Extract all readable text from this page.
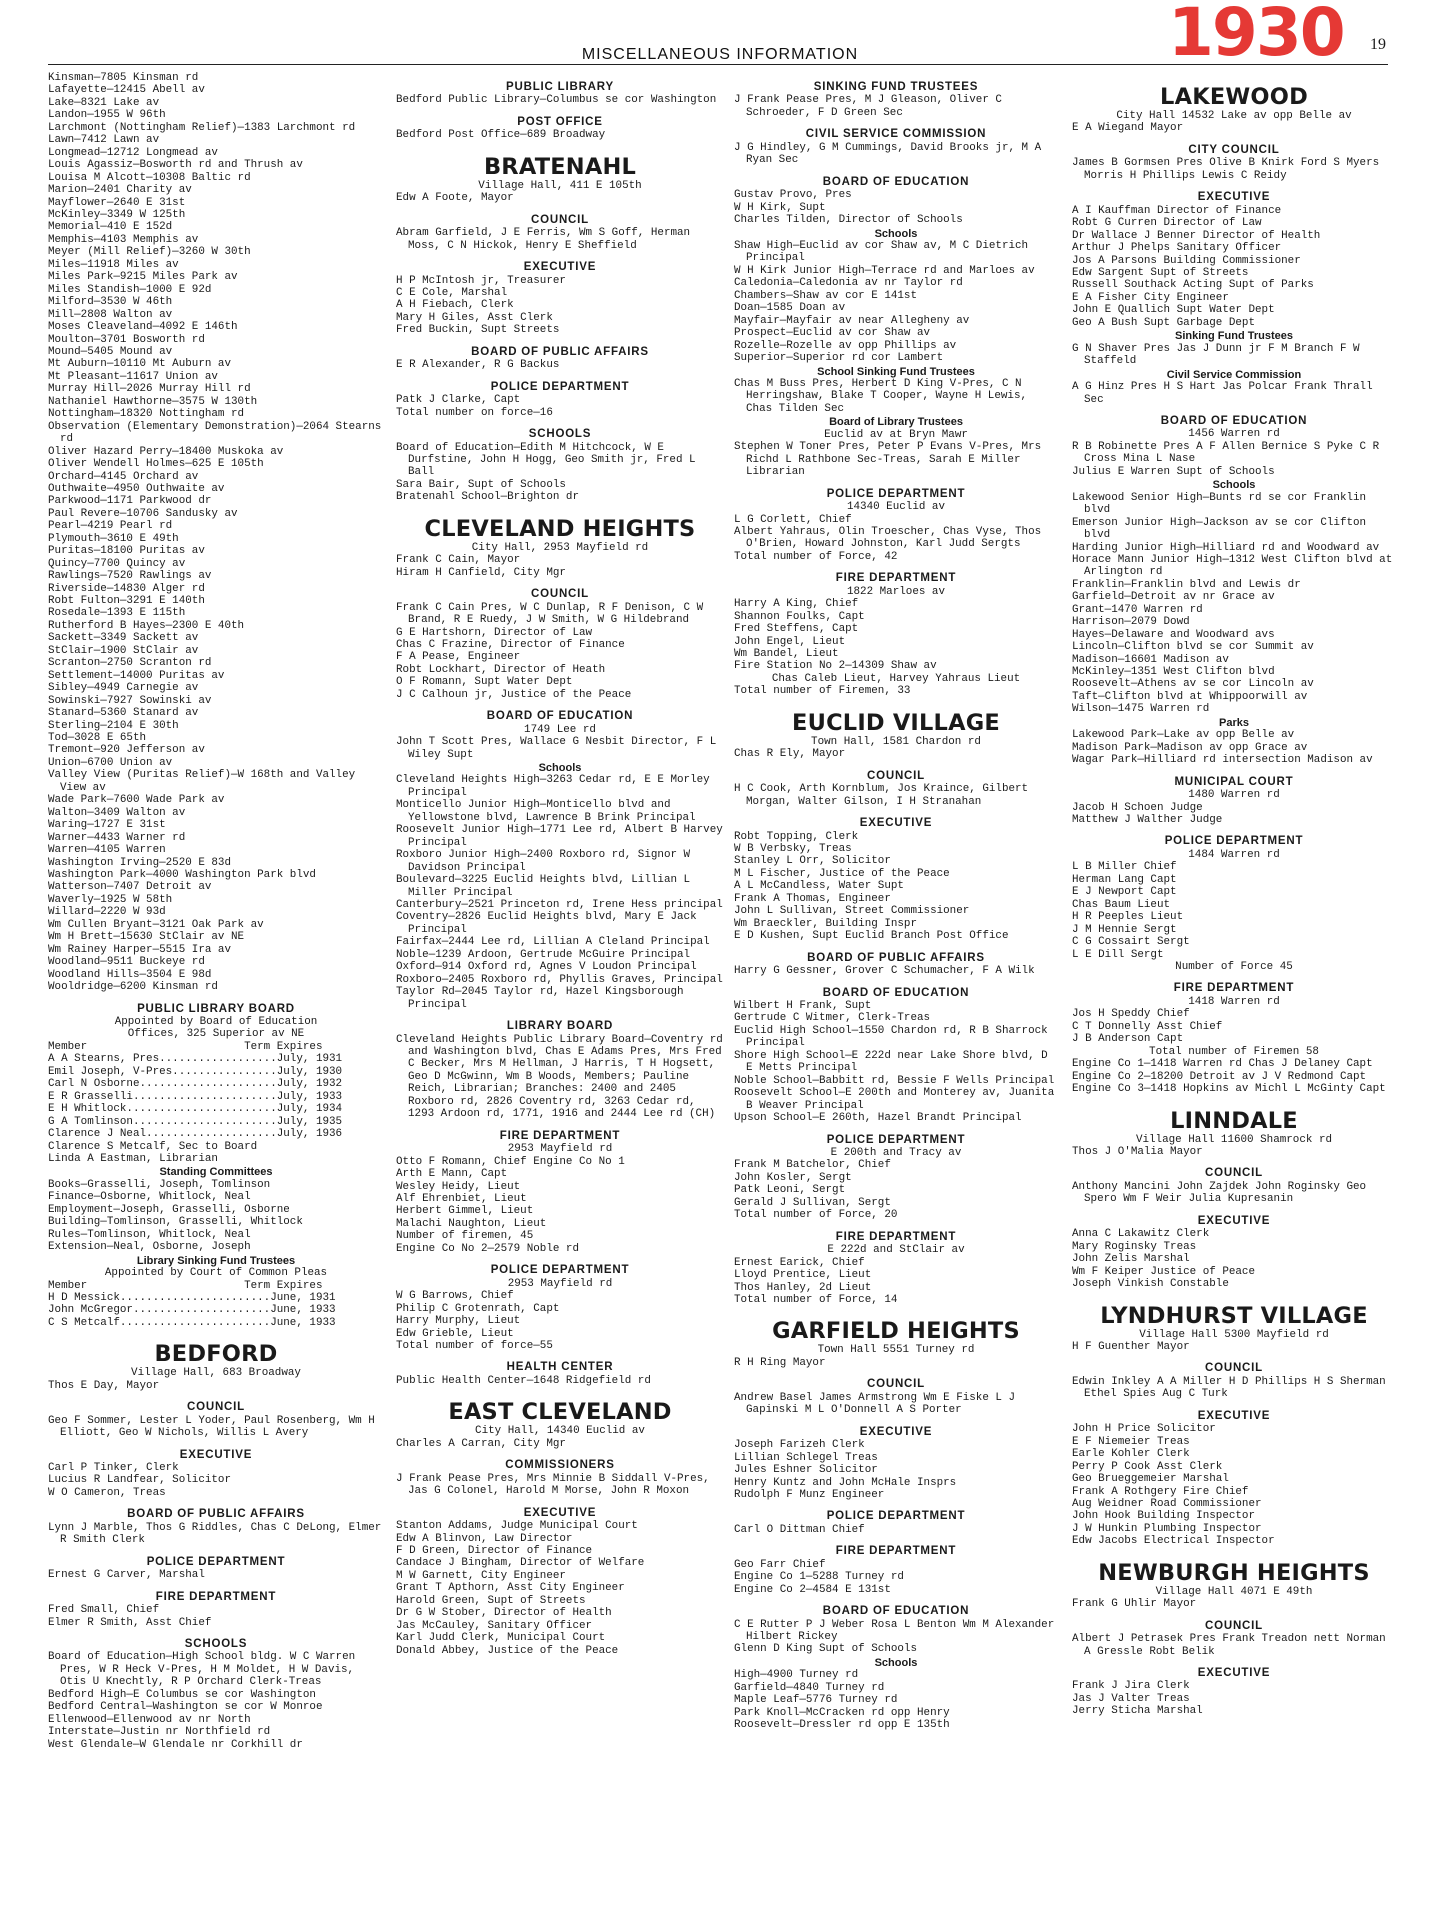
MISCELLANEOUS INFORMATION	1930 19
Kinsman—7805 Kinsman rd
Lafayette—12415 Abell av
Lake—8321 Lake av
Landon—1955 W 96th
Larchmont (Nottingham Relief)—1383 Larchmont rd
Lawn—7412 Lawn av
Longmead—12712 Longmead av
Louis Agassiz—Bosworth rd and Thrush av
Louisa M Alcott—10308 Baltic rd
Marion—2401 Charity av
Mayflower—2640 E 31st
McKinley—3349 W 125th
Memorial—410 E 152d
Memphis—4103 Memphis av
Meyer (Mill Relief)—3260 W 30th
Miles—11918 Miles av
Miles Park—9215 Miles Park av
Miles Standish—1000 E 92d
Milford—3530 W 46th
Mill—2808 Walton av
Moses Cleaveland—4092 E 146th
Moulton—3701 Bosworth rd
Mound—5405 Mound av
Mt Auburn—10110 Mt Auburn av
Mt Pleasant—11617 Union av
Murray Hill—2026 Murray Hill rd
Nathaniel Hawthorne—3575 W 130th
Nottingham—18320 Nottingham rd
Observation (Elementary Demonstration)—2064 Stearns rd
Oliver Hazard Perry—18400 Muskoka av
Oliver Wendell Holmes—625 E 105th
Orchard—4145 Orchard av
Outhwaite—4950 Outhwaite av
Parkwood—1171 Parkwood dr
Paul Revere—10706 Sandusky av
Pearl—4219 Pearl rd
Plymouth—3610 E 49th
Puritas—18100 Puritas av
Quincy—7700 Quincy av
Rawlings—7520 Rawlings av
Riverside—14830 Alger rd
Robt Fulton—3291 E 140th
Rosedale—1393 E 115th
Rutherford B Hayes—2300 E 40th
Sackett—3349 Sackett av
StClair—1900 StClair av
Scranton—2750 Scranton rd
Settlement—14000 Puritas av
Sibley—4949 Carnegie av
Sowinski—7927 Sowinski av
Stanard—5360 Stanard av
Sterling—2104 E 30th
Tod—3028 E 65th
Tremont—920 Jefferson av
Union—6700 Union av
Valley View (Puritas Relief)—W 168th and Valley View av
Wade Park—7600 Wade Park av
Walton—3409 Walton av
Waring—1727 E 31st
Warner—4433 Warner rd
Warren—4105 Warren
Washington Irving—2520 E 83d
Washington Park—4000 Washington Park blvd
Watterson—7407 Detroit av
Waverly—1925 W 58th
Willard—2220 W 93d
Wm Cullen Bryant—3121 Oak Park av
Wm H Brett—15630 StClair av NE
Wm Rainey Harper—5515 Ira av
Woodland—9511 Buckeye rd
Woodland Hills—3504 E 98d
Wooldridge—6200 Kinsman rd
PUBLIC LIBRARY BOARD
Appointed by Board of Education
Offices, 325 Superior av NE
Member                        Term Expires
A A Stearns, Pres..................July, 1931
Emil Joseph, V-Pres................July, 1930
Carl N Osborne.....................July, 1932
E R Grasselli......................July, 1933
E H Whitlock.......................July, 1934
G A Tomlinson......................July, 1935
Clarence J Neal....................July, 1936
Clarence S Metcalf, Sec to Board
Linda A Eastman, Librarian
Standing Committees
Books—Grasselli, Joseph, Tomlinson
Finance—Osborne, Whitlock, Neal
Employment—Joseph, Grasselli, Osborne
Building—Tomlinson, Grasselli, Whitlock
Rules—Tomlinson, Whitlock, Neal
Extension—Neal, Osborne, Joseph
Library Sinking Fund Trustees
Appointed by Court of Common Pleas
Member                        Term Expires
H D Messick.......................June, 1931
John McGregor.....................June, 1933
C S Metcalf.......................June, 1933
BEDFORD
Village Hall, 683 Broadway
Thos E Day, Mayor
COUNCIL
Geo F Sommer, Lester L Yoder, Paul Rosenberg, Wm H Elliott, Geo W Nichols, Willis L Avery
EXECUTIVE
Carl P Tinker, Clerk
Lucius R Landfear, Solicitor
W O Cameron, Treas
BOARD OF PUBLIC AFFAIRS
Lynn J Marble, Thos G Riddles, Chas C DeLong, Elmer R Smith Clerk
POLICE DEPARTMENT
Ernest G Carver, Marshal
FIRE DEPARTMENT
Fred Small, Chief
Elmer R Smith, Asst Chief
SCHOOLS
Board of Education—High School bldg. W C Warren Pres, W R Heck V-Pres, H M Moldet, H W Davis, Otis U Knechtly, R P Orchard Clerk-Treas
Bedford High—E Columbus se cor Washington
Bedford Central—Washington se cor W Monroe
Ellenwood—Ellenwood av nr North
Interstate—Justin nr Northfield rd
West Glendale—W Glendale nr Corkhill dr
PUBLIC LIBRARY
Bedford Public Library—Columbus se cor Washington
POST OFFICE
Bedford Post Office—689 Broadway
BRATENAHL
Village Hall, 411 E 105th
Edw A Foote, Mayor
COUNCIL
Abram Garfield, J E Ferris, Wm S Goff, Herman Moss, C N Hickok, Henry E Sheffield
EXECUTIVE
H P McIntosh jr, Treasurer
C E Cole, Marshal
A H Fiebach, Clerk
Mary H Giles, Asst Clerk
Fred Buckin, Supt Streets
BOARD OF PUBLIC AFFAIRS
E R Alexander, R G Backus
POLICE DEPARTMENT
Patk J Clarke, Capt
Total number on force—16
SCHOOLS
Board of Education—Edith M Hitchcock, W E Durfstine, John H Hogg, Geo Smith jr, Fred L Ball
Sara Bair, Supt of Schools
Bratenahl School—Brighton dr
CLEVELAND HEIGHTS
City Hall, 2953 Mayfield rd
Frank C Cain, Mayor
Hiram H Canfield, City Mgr
COUNCIL
Frank C Cain Pres, W C Dunlap, R F Denison, C W Brand, R E Ruedy, J W Smith, W G Hildebrand
G E Hartshorn, Director of Law
Chas C Frazine, Director of Finance
F A Pease, Engineer
Robt Lockhart, Director of Heath
O F Romann, Supt Water Dept
J C Calhoun jr, Justice of the Peace
BOARD OF EDUCATION
1749 Lee rd
John T Scott Pres, Wallace G Nesbit Director, F L Wiley Supt
Schools
Cleveland Heights High—3263 Cedar rd, E E Morley Principal
Monticello Junior High—Monticello blvd and Yellowstone blvd, Lawrence B Brink Principal
Roosevelt Junior High—1771 Lee rd, Albert B Harvey Principal
Roxboro Junior High—2400 Roxboro rd, Signor W Davidson Principal
Boulevard—3225 Euclid Heights blvd, Lillian L Miller Principal
Canterbury—2521 Princeton rd, Irene Hess principal
Coventry—2826 Euclid Heights blvd, Mary E Jack Principal
Fairfax—2444 Lee rd, Lillian A Cleland Principal
Noble—1239 Ardoon, Gertrude McGuire Principal
Oxford—914 Oxford rd, Agnes V Loudon Principal
Roxboro—2405 Roxboro rd, Phyllis Graves, Principal
Taylor Rd—2045 Taylor rd, Hazel Kingsborough Principal
LIBRARY BOARD
Cleveland Heights Public Library Board—Coventry rd and Washington blvd, Chas E Adams Pres, Mrs Fred C Becker, Mrs M Hellman, J Harris, T H Hogsett, Geo D McGwinn, Wm B Woods, Members; Pauline Reich, Librarian; Branches: 2400 and 2405 Roxboro rd, 2826 Coventry rd, 3263 Cedar rd, 1293 Ardoon rd, 1771, 1916 and 2444 Lee rd (CH)
FIRE DEPARTMENT
2953 Mayfield rd
Otto F Romann, Chief Engine Co No 1
Arth E Mann, Capt
Wesley Heidy, Lieut
Alf Ehrenbiet, Lieut
Herbert Gimmel, Lieut
Malachi Naughton, Lieut
Number of firemen, 45
Engine Co No 2—2579 Noble rd
POLICE DEPARTMENT
2953 Mayfield rd
W G Barrows, Chief
Philip C Grotenrath, Capt
Harry Murphy, Lieut
Edw Grieble, Lieut
Total number of force—55
HEALTH CENTER
Public Health Center—1648 Ridgefield rd
EAST CLEVELAND
City Hall, 14340 Euclid av
Charles A Carran, City Mgr
COMMISSIONERS
J Frank Pease Pres, Mrs Minnie B Siddall V-Pres, Jas G Colonel, Harold M Morse, John R Moxon
EXECUTIVE
Stanton Addams, Judge Municipal Court
Edw A Blinvon, Law Director
F D Green, Director of Finance
Candace J Bingham, Director of Welfare
M W Garnett, City Engineer
Grant T Apthorn, Asst City Engineer
Harold Green, Supt of Streets
Dr G W Stober, Director of Health
Jas McCauley, Sanitary Officer
Karl Judd Clerk, Municipal Court
Donald Abbey, Justice of the Peace
SINKING FUND TRUSTEES
J Frank Pease Pres, M J Gleason, Oliver C Schroeder, F D Green Sec
CIVIL SERVICE COMMISSION
J G Hindley, G M Cummings, David Brooks jr, M A Ryan Sec
BOARD OF EDUCATION
Gustav Provo, Pres
W H Kirk, Supt
Charles Tilden, Director of Schools
Schools
Shaw High—Euclid av cor Shaw av, M C Dietrich Principal
W H Kirk Junior High—Terrace rd and Marloes av
Caledonia—Caledonia av nr Taylor rd
Chambers—Shaw av cor E 141st
Doan—1585 Doan av
Mayfair—Mayfair av near Allegheny av
Prospect—Euclid av cor Shaw av
Rozelle—Rozelle av opp Phillips av
Superior—Superior rd cor Lambert
School Sinking Fund Trustees
Chas M Buss Pres, Herbert D King V-Pres, C N Herringshaw, Blake T Cooper, Wayne H Lewis, Chas Tilden Sec
Board of Library Trustees
Euclid av at Bryn Mawr
Stephen W Toner Pres, Peter P Evans V-Pres, Mrs Richd L Rathbone Sec-Treas, Sarah E Miller Librarian
POLICE DEPARTMENT
14340 Euclid av
L G Corlett, Chief
Albert Yahraus, Olin Troescher, Chas Vyse, Thos O'Brien, Howard Johnston, Karl Judd Sergts
Total number of Force, 42
FIRE DEPARTMENT
1822 Marloes av
Harry A King, Chief
Shannon Foulks, Capt
Fred Steffens, Capt
John Engel, Lieut
Wm Bandel, Lieut
Fire Station No 2—14309 Shaw av
Chas Caleb Lieut, Harvey Yahraus Lieut
Total number of Firemen, 33
EUCLID VILLAGE
Town Hall, 1581 Chardon rd
Chas R Ely, Mayor
COUNCIL
H C Cook, Arth Kornblum, Jos Kraince, Gilbert Morgan, Walter Gilson, I H Stranahan
EXECUTIVE
Robt Topping, Clerk
W B Verbsky, Treas
Stanley L Orr, Solicitor
M L Fischer, Justice of the Peace
A L McCandless, Water Supt
Frank A Thomas, Engineer
John L Sullivan, Street Commissioner
Wm Braeckler, Building Inspr
E D Kushen, Supt Euclid Branch Post Office
BOARD OF PUBLIC AFFAIRS
Harry G Gessner, Grover C Schumacher, F A Wilk
BOARD OF EDUCATION
Wilbert H Frank, Supt
Gertrude C Witmer, Clerk-Treas
Euclid High School—1550 Chardon rd, R B Sharrock Principal
Shore High School—E 222d near Lake Shore blvd, D E Metts Principal
Noble School—Babbitt rd, Bessie F Wells Principal
Roosevelt School—E 200th and Monterey av, Juanita B Weaver Principal
Upson School—E 260th, Hazel Brandt Principal
POLICE DEPARTMENT
E 200th and Tracy av
Frank M Batchelor, Chief
John Kosler, Sergt
Patk Leoni, Sergt
Gerald J Sullivan, Sergt
Total number of Force, 20
FIRE DEPARTMENT
E 222d and StClair av
Ernest Earick, Chief
Lloyd Prentice, Lieut
Thos Hanley, 2d Lieut
Total number of Force, 14
GARFIELD HEIGHTS
Town Hall 5551 Turney rd
R H Ring Mayor
COUNCIL
Andrew Basel James Armstrong Wm E Fiske L J Gapinski M L O'Donnell A S Porter
EXECUTIVE
Joseph Farizeh Clerk
Lillian Schlegel Treas
Jules Eshner Solicitor
Henry Kuntz and John McHale Insprs
Rudolph F Munz Engineer
POLICE DEPARTMENT
Carl O Dittman Chief
FIRE DEPARTMENT
Geo Farr Chief
Engine Co 1—5288 Turney rd
Engine Co 2—4584 E 131st
BOARD OF EDUCATION
C E Rutter P J Weber Rosa L Benton Wm M Alexander Hilbert Rickey
Glenn D King Supt of Schools
Schools
High—4900 Turney rd
Garfield—4840 Turney rd
Maple Leaf—5776 Turney rd
Park Knoll—McCracken rd opp Henry
Roosevelt—Dressler rd opp E 135th
LAKEWOOD
City Hall 14532 Lake av opp Belle av
E A Wiegand Mayor
CITY COUNCIL
James B Gormsen Pres Olive B Knirk Ford S Myers Morris H Phillips Lewis C Reidy
EXECUTIVE
A I Kauffman Director of Finance
Robt G Curren Director of Law
Dr Wallace J Benner Director of Health
Arthur J Phelps Sanitary Officer
Jos A Parsons Building Commissioner
Edw Sargent Supt of Streets
Russell Southack Acting Supt of Parks
E A Fisher City Engineer
John E Quallich Supt Water Dept
Geo A Bush Supt Garbage Dept
Sinking Fund Trustees
G N Shaver Pres Jas J Dunn jr F M Branch F W Staffeld
Civil Service Commission
A G Hinz Pres H S Hart Jas Polcar Frank Thrall Sec
BOARD OF EDUCATION
1456 Warren rd
R B Robinette Pres A F Allen Bernice S Pyke C R Cross Mina L Nase
Julius E Warren Supt of Schools
Schools
Lakewood Senior High—Bunts rd se cor Franklin blvd
Emerson Junior High—Jackson av se cor Clifton blvd
Harding Junior High—Hilliard rd and Woodward av
Horace Mann Junior High—1312 West Clifton blvd at Arlington rd
Franklin—Franklin blvd and Lewis dr
Garfield—Detroit av nr Grace av
Grant—1470 Warren rd
Harrison—2079 Dowd
Hayes—Delaware and Woodward avs
Lincoln—Clifton blvd se cor Summit av
Madison—16601 Madison av
McKinley—1351 West Clifton blvd
Roosevelt—Athens av se cor Lincoln av
Taft—Clifton blvd at Whippoorwill av
Wilson—1475 Warren rd
Parks
Lakewood Park—Lake av opp Belle av
Madison Park—Madison av opp Grace av
Wagar Park—Hilliard rd intersection Madison av
MUNICIPAL COURT
1480 Warren rd
Jacob H Schoen Judge
Matthew J Walther Judge
POLICE DEPARTMENT
1484 Warren rd
L B Miller Chief
Herman Lang Capt
E J Newport Capt
Chas Baum Lieut
H R Peeples Lieut
J M Hennie Sergt
C G Cossairt Sergt
L E Dill Sergt
Number of Force 45
FIRE DEPARTMENT
1418 Warren rd
Jos H Speddy Chief
C T Donnelly Asst Chief
J B Anderson Capt
Total number of Firemen 58
Engine Co 1—1418 Warren rd Chas J Delaney Capt
Engine Co 2—18200 Detroit av J V Redmond Capt
Engine Co 3—1418 Hopkins av Michl L McGinty Capt
LINNDALE
Village Hall 11600 Shamrock rd
Thos J O'Malia Mayor
COUNCIL
Anthony Mancini John Zajdek John Roginsky Geo Spero Wm F Weir Julia Kupresanin
EXECUTIVE
Anna C Lakawitz Clerk
Mary Roginsky Treas
John Zelis Marshal
Wm F Keiper Justice of Peace
Joseph Vinkish Constable
LYNDHURST VILLAGE
Village Hall 5300 Mayfield rd
H F Guenther Mayor
COUNCIL
Edwin Inkley A A Miller H D Phillips H S Sherman Ethel Spies Aug C Turk
EXECUTIVE
John H Price Solicitor
E F Niemeier Treas
Earle Kohler Clerk
Perry P Cook Asst Clerk
Geo Brueggemeier Marshal
Frank A Rothgery Fire Chief
Aug Weidner Road Commissioner
John Hook Building Inspector
J W Hunkin Plumbing Inspector
Edw Jacobs Electrical Inspector
NEWBURGH HEIGHTS
Village Hall 4071 E 49th
Frank G Uhlir Mayor
COUNCIL
Albert J Petrasek Pres Frank Treadon nett Norman A Gressle Robt Belik
EXECUTIVE
Frank J Jira Clerk
Jas J Valter Treas
Jerry Sticha Marshal
